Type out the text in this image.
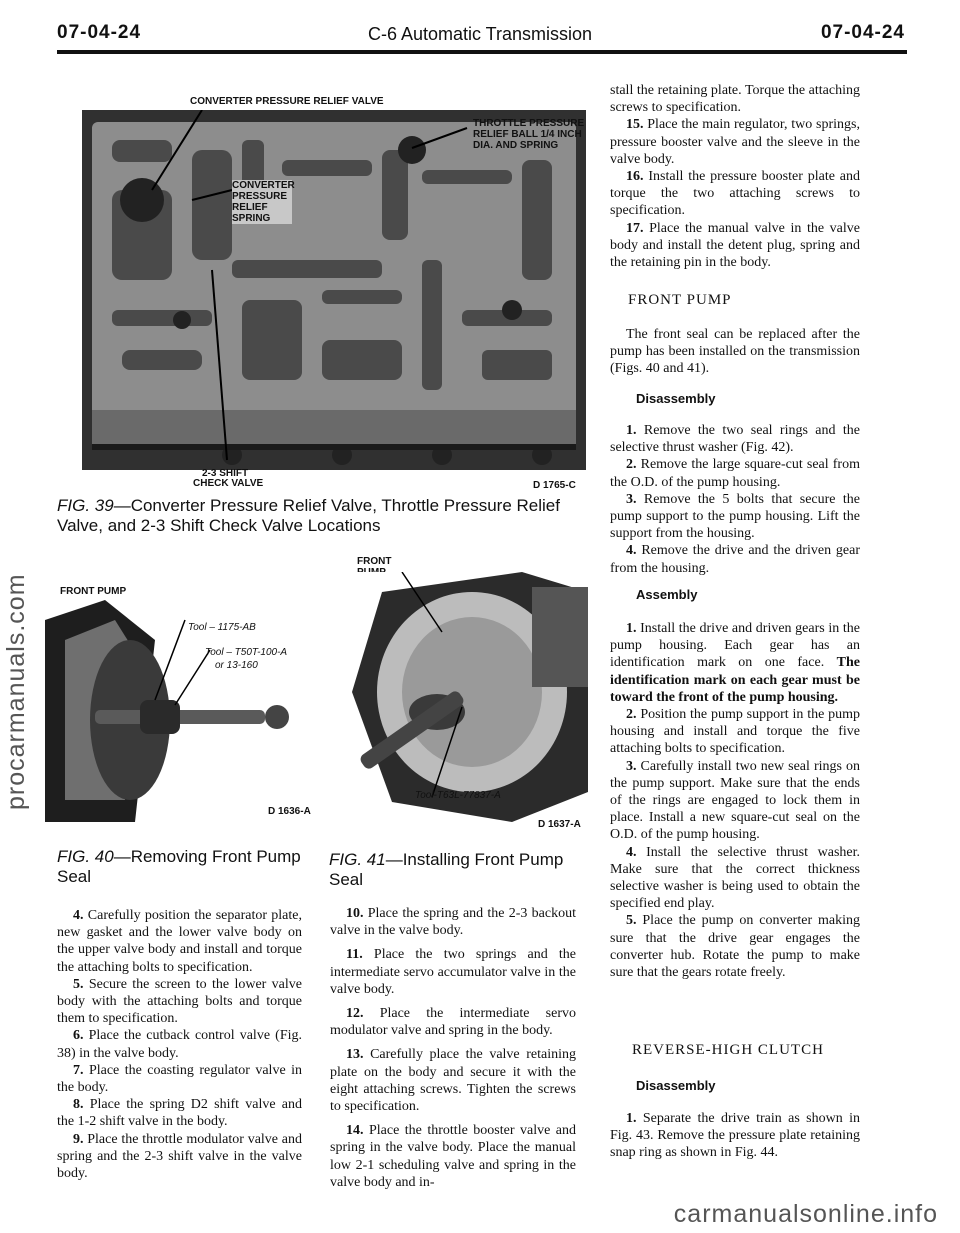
07-04-24	C-6 Automatic Transmission	07-04-24
procarmanuals.com
carmanualsonline.info
CONVERTER PRESSURE RELIEF VALVE
THROTTLE PRESSURE RELIEF BALL 1/4 INCH DIA. AND SPRING
CONVERTER PRESSURE RELIEF SPRING
2-3 SHIFT
CHECK VALVE	D 1765-C
FIG. 39—Converter Pressure Relief Valve, Throttle Pressure Relief Valve, and 2-3 Shift Check Valve Locations
FRONT PUMP
Tool – 1175-AB
Tool – T50T-100-A
or 13-160
D 1636-A
FIG. 40—Removing Front Pump Seal
FRONT
Tool-T63L-77837-A
D 1637-A
FIG. 41—Installing Front Pump Seal

4. Carefully position the separator plate, new gasket and the lower valve body on the upper valve body and install and torque the attaching bolts to specification.

5. Secure the screen to the lower valve body with the attaching bolts and torque them to specification.

6. Place the cutback control valve (Fig. 38) in the valve body.

7. Place the coasting regulator valve in the body.

8. Place the spring D2 shift valve and the 1-2 shift valve in the body.

9. Place the throttle modulator valve and spring and the 2-3 shift valve in the valve body.

10. Place the spring and the 2-3 backout valve in the valve body.

11. Place the two springs and the intermediate servo accumulator valve in the valve body.

12. Place the intermediate servo modulator valve and spring in the body.

13. Carefully place the valve retaining plate on the body and secure it with the eight attaching screws. Tighten the screws to specification.

14. Place the throttle booster valve and spring in the valve body. Place the manual low 2-1 scheduling valve and spring in the valve body and in-

stall the retaining plate. Torque the attaching screws to specification.

15. Place the main regulator, two springs, pressure booster valve and the sleeve in the valve body.

16. Install the pressure booster plate and torque the two attaching screws to specification.

17. Place the manual valve in the valve body and install the detent plug, spring and the retaining pin in the body.

FRONT PUMP

The front seal can be replaced after the pump has been installed on the transmission (Figs. 40 and 41).

Disassembly

1. Remove the two seal rings and the selective thrust washer (Fig. 42).

2. Remove the large square-cut seal from the O.D. of the pump housing.

3. Remove the 5 bolts that secure the pump support to the pump housing. Lift the support from the housing.

4. Remove the drive and the driven gear from the housing.

Assembly

1. Install the drive and driven gears in the pump housing. Each gear has an identification mark on one face. The identification mark on each gear must be toward the front of the pump housing.

2. Position the pump support in the pump housing and install and torque the five attaching bolts to specification.

3. Carefully install two new seal rings on the pump support. Make sure that the ends of the rings are engaged to lock them in place. Install a new square-cut seal on the O.D. of the pump housing.

4. Install the selective thrust washer. Make sure that the correct thickness selective washer is being used to obtain the specified end play.

5. Place the pump on converter making sure that the drive gear engages the converter hub. Rotate the pump to make sure that the gears rotate freely.

REVERSE-HIGH CLUTCH
Disassembly

1. Separate the drive train as shown in Fig. 43. Remove the pressure plate retaining snap ring as shown in Fig. 44.
